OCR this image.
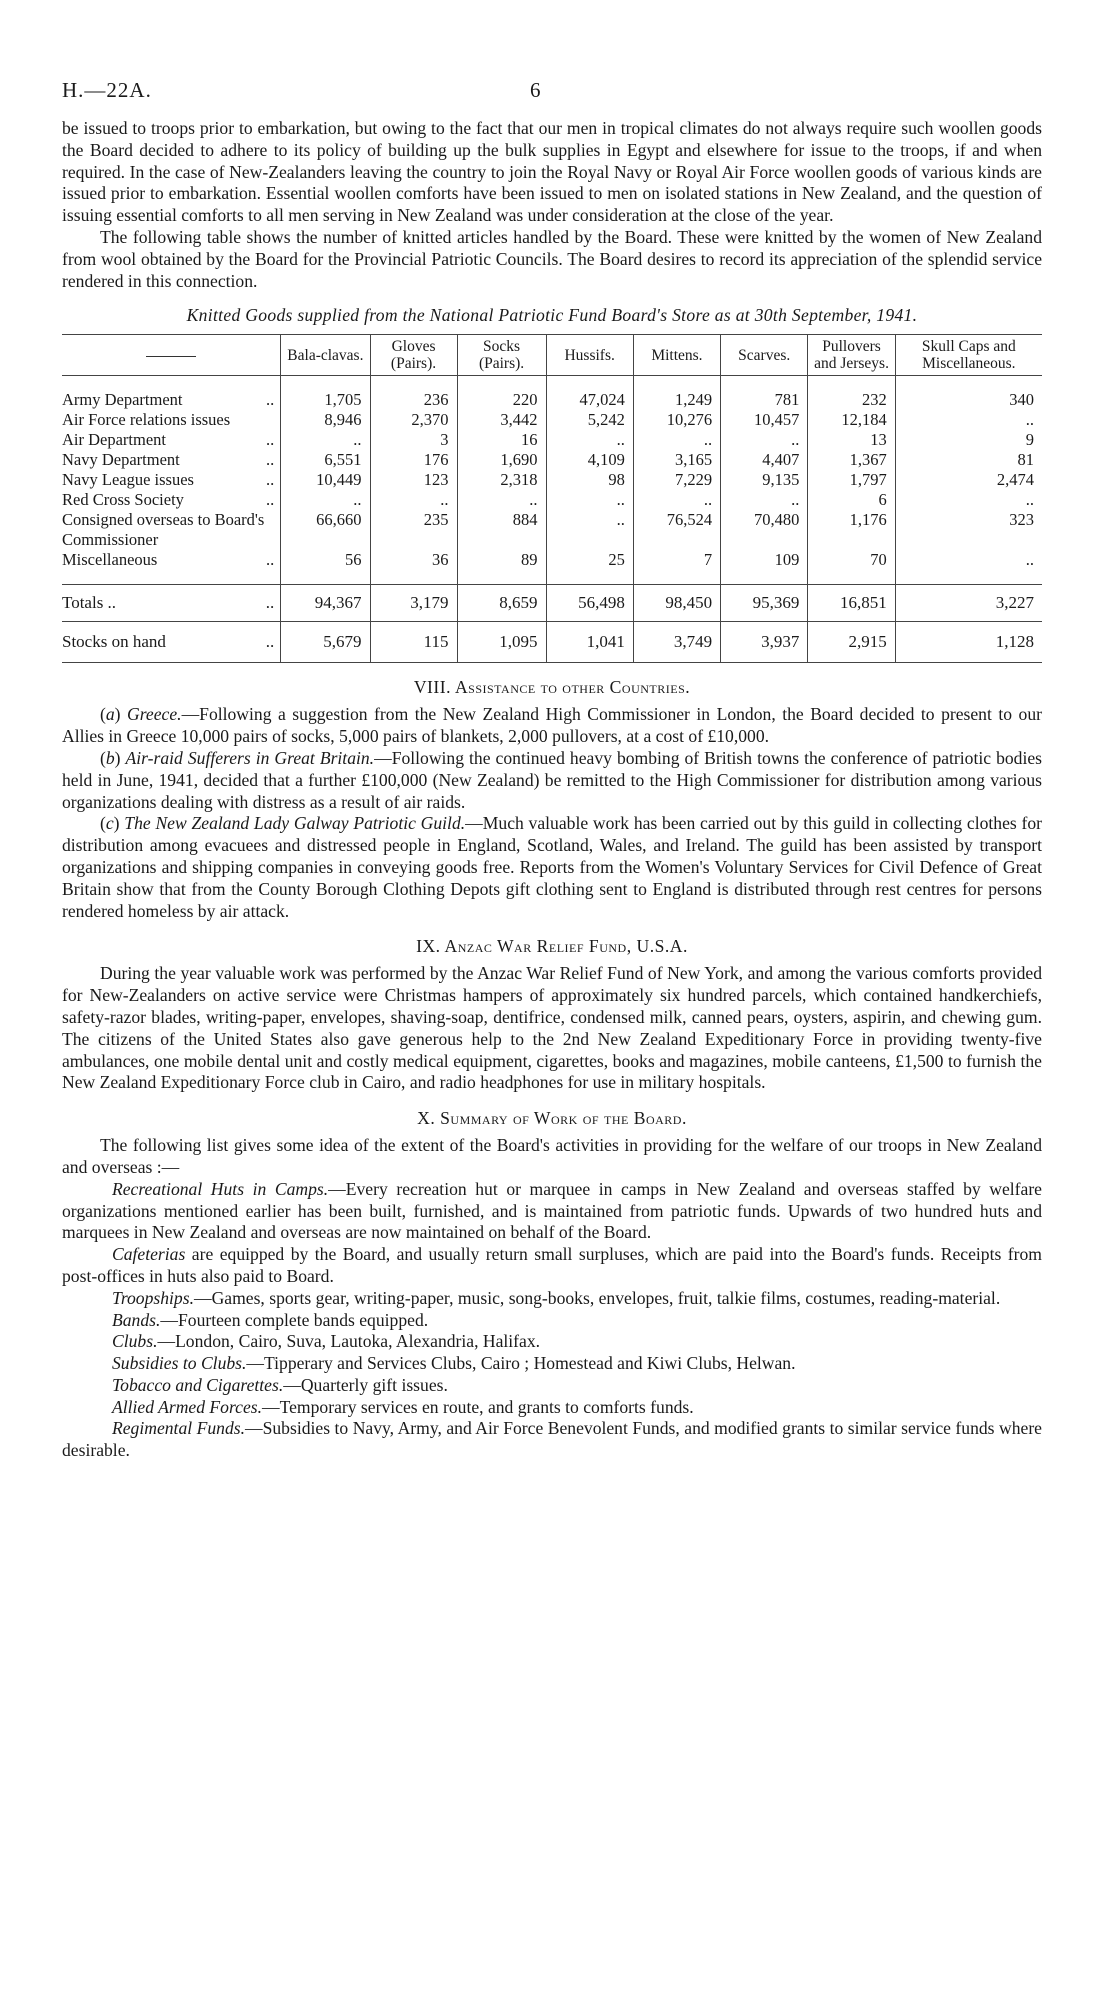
H.—22A.	6

be issued to troops prior to embarkation, but owing to the fact that our men in tropical climates do not always require such woollen goods the Board decided to adhere to its policy of building up the bulk supplies in Egypt and elsewhere for issue to the troops, if and when required. In the case of New-Zealanders leaving the country to join the Royal Navy or Royal Air Force woollen goods of various kinds are issued prior to embarkation. Essential woollen comforts have been issued to men on isolated stations in New Zealand, and the question of issuing essential comforts to all men serving in New Zealand was under consideration at the close of the year.

The following table shows the number of knitted articles handled by the Board. These were knitted by the women of New Zealand from wool obtained by the Board for the Provincial Patriotic Councils. The Board desires to record its appreciation of the splendid service rendered in this connection.

Knitted Goods supplied from the National Patriotic Fund Board's Store as at 30th September, 1941.
	Bala-clavas.	Gloves (Pairs).	Socks (Pairs).	Hussifs.	Mittens.	Scarves.	Pullovers and Jerseys.	Skull Caps and Miscellaneous.

Army Department ..	1,705	236	220	47,024	1,249	781	232	340
Air Force relations issues	8,946	2,370	3,442	5,242	10,276	10,457	12,184	..
Air Department ..	..	3	16	..	..	..	13	9
Navy Department ..	6,551	176	1,690	4,109	3,165	4,407	1,367	81
Navy League issues ..	10,449	123	2,318	98	7,229	9,135	1,797	2,474
Red Cross Society ..	..	..	..	..	..	..	6	..
Consigned overseas to Board's Commissioner	66,660	235	884	..	76,524	70,480	1,176	323
Miscellaneous ..	56	36	89	25	7	109	70	..

Totals .. ..	94,367	3,179	8,659	56,498	98,450	95,369	16,851	3,227
Stocks on hand ..	5,679	115	1,095	1,041	3,749	3,937	2,915	1,128
VIII. Assistance to other Countries.

(a) Greece.—Following a suggestion from the New Zealand High Commissioner in London, the Board decided to present to our Allies in Greece 10,000 pairs of socks, 5,000 pairs of blankets, 2,000 pullovers, at a cost of £10,000.

(b) Air-raid Sufferers in Great Britain.—Following the continued heavy bombing of British towns the conference of patriotic bodies held in June, 1941, decided that a further £100,000 (New Zealand) be remitted to the High Commissioner for distribution among various organizations dealing with distress as a result of air raids.

(c) The New Zealand Lady Galway Patriotic Guild.—Much valuable work has been carried out by this guild in collecting clothes for distribution among evacuees and distressed people in England, Scotland, Wales, and Ireland. The guild has been assisted by transport organizations and shipping companies in conveying goods free. Reports from the Women's Voluntary Services for Civil Defence of Great Britain show that from the County Borough Clothing Depots gift clothing sent to England is distributed through rest centres for persons rendered homeless by air attack.

IX. Anzac War Relief Fund, U.S.A.

During the year valuable work was performed by the Anzac War Relief Fund of New York, and among the various comforts provided for New-Zealanders on active service were Christmas hampers of approximately six hundred parcels, which contained handkerchiefs, safety-razor blades, writing-paper, envelopes, shaving-soap, dentifrice, condensed milk, canned pears, oysters, aspirin, and chewing gum. The citizens of the United States also gave generous help to the 2nd New Zealand Expeditionary Force in providing twenty-five ambulances, one mobile dental unit and costly medical equipment, cigarettes, books and magazines, mobile canteens, £1,500 to furnish the New Zealand Expeditionary Force club in Cairo, and radio headphones for use in military hospitals.

X. Summary of Work of the Board.

The following list gives some idea of the extent of the Board's activities in providing for the welfare of our troops in New Zealand and overseas :—

Recreational Huts in Camps.—Every recreation hut or marquee in camps in New Zealand and overseas staffed by welfare organizations mentioned earlier has been built, furnished, and is maintained from patriotic funds. Upwards of two hundred huts and marquees in New Zealand and overseas are now maintained on behalf of the Board.

Cafeterias are equipped by the Board, and usually return small surpluses, which are paid into the Board's funds. Receipts from post-offices in huts also paid to Board.

Troopships.—Games, sports gear, writing-paper, music, song-books, envelopes, fruit, talkie films, costumes, reading-material.

Bands.—Fourteen complete bands equipped.

Clubs.—London, Cairo, Suva, Lautoka, Alexandria, Halifax.

Subsidies to Clubs.—Tipperary and Services Clubs, Cairo ; Homestead and Kiwi Clubs, Helwan.

Tobacco and Cigarettes.—Quarterly gift issues.

Allied Armed Forces.—Temporary services en route, and grants to comforts funds.

Regimental Funds.—Subsidies to Navy, Army, and Air Force Benevolent Funds, and modified grants to similar service funds where desirable.
